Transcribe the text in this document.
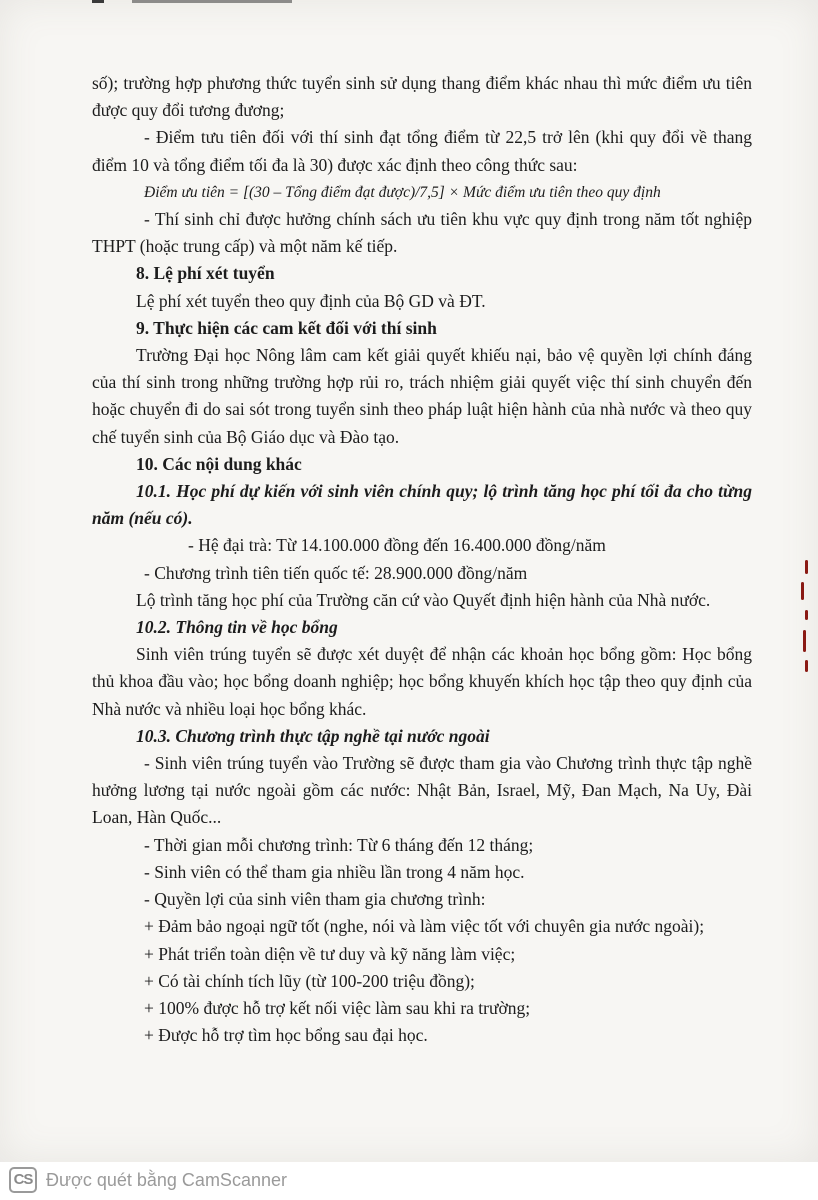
số); trường hợp phương thức tuyển sinh sử dụng thang điểm khác nhau thì mức điểm ưu tiên được quy đổi tương đương;

- Điểm tưu tiên đối với thí sinh đạt tổng điểm từ 22,5 trở lên (khi quy đổi về thang điểm 10 và tổng điểm tối đa là 30) được xác định theo công thức sau:

Điểm ưu tiên = [(30 – Tổng điểm đạt được)/7,5] × Mức điểm ưu tiên theo quy định

- Thí sinh chỉ được hưởng chính sách ưu tiên khu vực quy định trong năm tốt nghiệp THPT (hoặc trung cấp) và một năm kế tiếp.

8. Lệ phí xét tuyển

Lệ phí xét tuyển theo quy định của Bộ GD và ĐT.

9. Thực hiện các cam kết đối với thí sinh

Trường Đại học Nông lâm cam kết giải quyết khiếu nại, bảo vệ quyền lợi chính đáng của thí sinh trong những trường hợp rủi ro, trách nhiệm giải quyết việc thí sinh chuyển đến hoặc chuyển đi do sai sót trong tuyển sinh theo pháp luật hiện hành của nhà nước và theo quy chế tuyển sinh của Bộ Giáo dục và Đào tạo.

10. Các nội dung khác

10.1. Học phí dự kiến với sinh viên chính quy; lộ trình tăng học phí tối đa cho từng năm (nếu có).

- Hệ đại trà: Từ 14.100.000 đồng đến 16.400.000 đồng/năm

- Chương trình tiên tiến quốc tế: 28.900.000 đồng/năm

Lộ trình tăng học phí của Trường căn cứ vào Quyết định hiện hành của Nhà nước.

10.2. Thông tin về học bổng

Sinh viên trúng tuyển sẽ được xét duyệt để nhận các khoản học bổng gồm: Học bổng thủ khoa đầu vào; học bổng doanh nghiệp; học bổng khuyến khích học tập theo quy định của Nhà nước và nhiều loại học bổng khác.

10.3. Chương trình thực tập nghề tại nước ngoài

- Sinh viên trúng tuyển vào Trường sẽ được tham gia vào Chương trình thực tập nghề hưởng lương tại nước ngoài gồm các nước: Nhật Bản, Israel, Mỹ, Đan Mạch, Na Uy, Đài Loan, Hàn Quốc...

- Thời gian mỗi chương trình: Từ 6 tháng đến 12 tháng;

- Sinh viên có thể tham gia nhiều lần trong 4 năm học.

- Quyền lợi của sinh viên tham gia chương trình:

+ Đảm bảo ngoại ngữ tốt (nghe, nói và làm việc tốt với chuyên gia nước ngoài);

+ Phát triển toàn diện về tư duy và kỹ năng làm việc;

+ Có tài chính tích lũy (từ 100-200 triệu đồng);

+ 100% được hỗ trợ kết nối việc làm sau khi ra trường;

+ Được hỗ trợ tìm học bổng sau đại học.

CS Được quét bằng CamScanner
